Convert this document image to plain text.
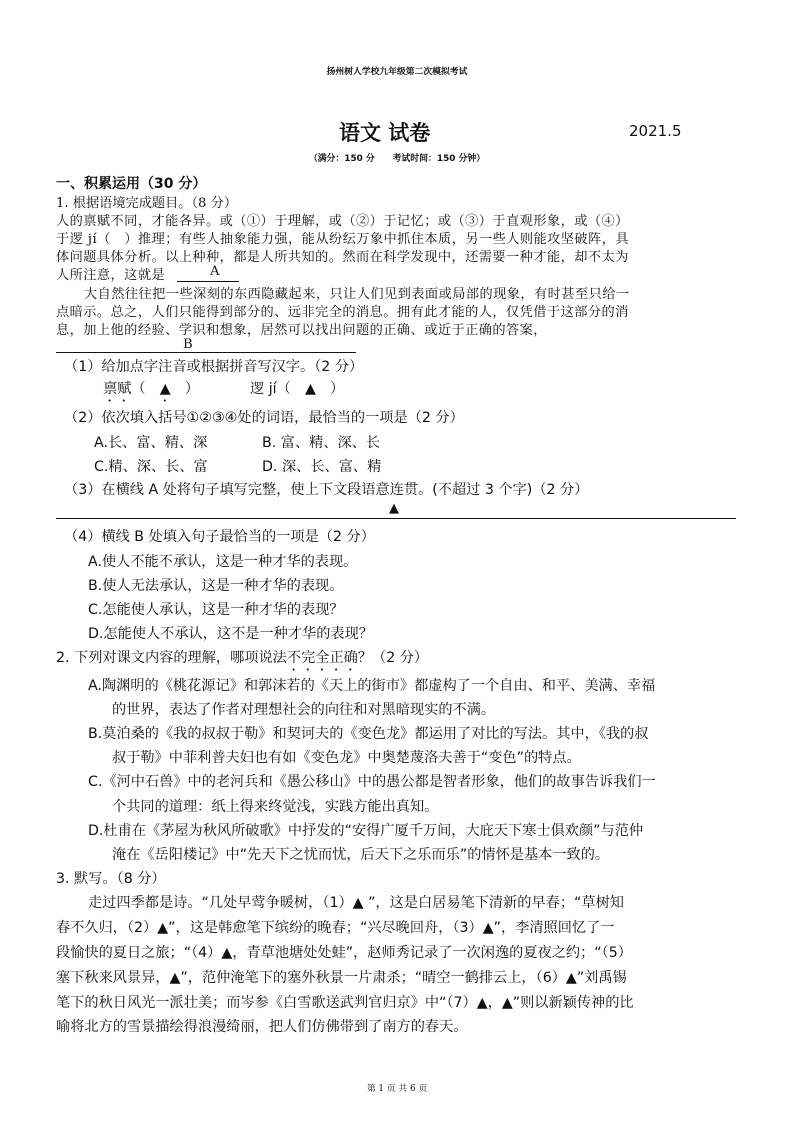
扬州树人学校九年级第二次模拟考试
语文 试卷	2021.5
（满分：150 分　　考试时间：150 分钟）
一、积累运用（30 分）
1. 根据语境完成题目。（8 分）
人的禀赋不同，才能各异。或（①）于理解，或（②）于记忆；或（③）于直观形象，或（④）
于逻 jí（　）推理；有些人抽象能力强，能从纷纭万象中抓住本质，另一些人则能攻坚破阵，具
体问题具体分析。以上种种，都是人所共知的。然而在科学发现中，还需要一种才能，却不太为
人所注意，这就是	A
大自然往往把一些深刻的东西隐藏起来，只让人们见到表面或局部的现象，有时甚至只给一
点暗示。总之，人们只能得到部分的、远非完全的消息。拥有此才能的人，仅凭借于这部分的消
息，加上他的经验、学识和想象，居然可以找出问题的正确、或近于正确的答案，
B
（1）给加点字注音或根据拼音写汉字。（2 分）
禀赋（　▲　）	逻 jí（　▲　）
（2）依次填入括号①②③④处的词语，最恰当的一项是（2 分）
A.长、富、精、深	B. 富、精、深、长
C.精、深、长、富	D. 深、长、富、精
（3）在横线 A 处将句子填写完整，使上下文段语意连贯。(不超过 3 个字)（2 分）
▲
（4）横线 B 处填入句子最恰当的一项是（2 分）
A.使人不能不承认，这是一种才华的表现。
B.使人无法承认，这是一种才华的表现。
C.怎能使人承认，这是一种才华的表现？
D.怎能使人不承认，这不是一种才华的表现？
2. 下列对课文内容的理解，哪项说法不完全正确？（2 分）
A.陶渊明的《桃花源记》和郭沫若的《天上的街市》都虚构了一个自由、和平、美满、幸福
的世界，表达了作者对理想社会的向往和对黑暗现实的不满。
B.莫泊桑的《我的叔叔于勒》和契诃夫的《变色龙》都运用了对比的写法。其中，《我的叔
叔于勒》中菲利普夫妇也有如《变色龙》中奥楚蔑洛夫善于“变色”的特点。
C.《河中石兽》中的老河兵和《愚公移山》中的愚公都是智者形象，他们的故事告诉我们一
个共同的道理：纸上得来终觉浅，实践方能出真知。
D.杜甫在《茅屋为秋风所破歌》中抒发的“安得广厦千万间，大庇天下寒士俱欢颜”与范仲
淹在《岳阳楼记》中“先天下之忧而忧，后天下之乐而乐”的情怀是基本一致的。
3. 默写。（8 分）
走过四季都是诗。“几处早莺争暖树，（1）▲ ”，这是白居易笔下清新的早春；“草树知
春不久归，（2）▲”，这是韩愈笔下缤纷的晚春；“兴尽晚回舟，（3）▲”，李清照回忆了一
段愉快的夏日之旅；“（4）▲，青草池塘处处蛙”，赵师秀记录了一次闲逸的夏夜之约；“（5）
塞下秋来风景异，▲”，范仲淹笔下的塞外秋景一片肃杀；“晴空一鹤排云上，（6）▲”刘禹锡
笔下的秋日风光一派壮美；而岑参《白雪歌送武判官归京》中“（7）▲，▲”则以新颖传神的比
喻将北方的雪景描绘得浪漫绮丽，把人们仿佛带到了南方的春天。
第 1 页 共 6 页
